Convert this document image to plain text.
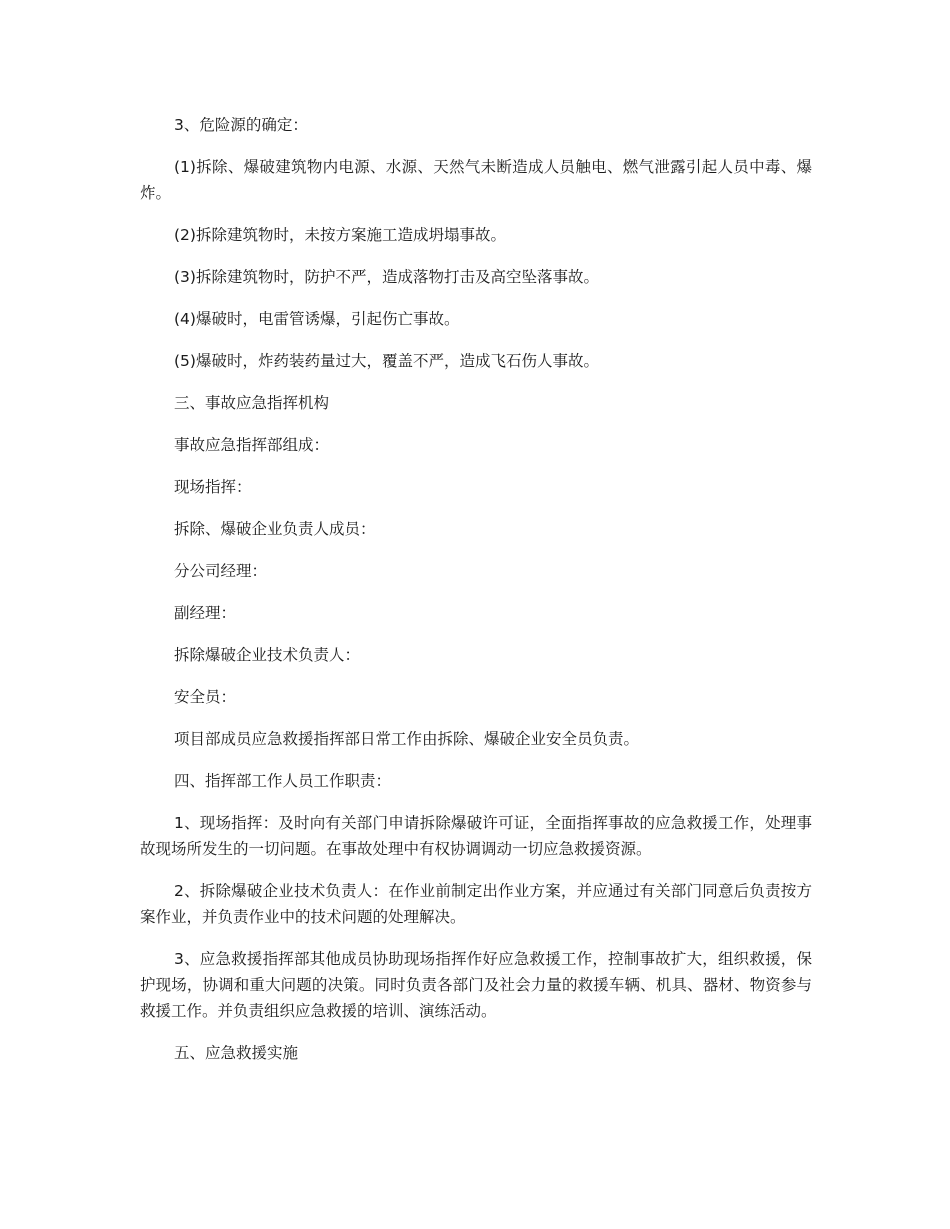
3、危险源的确定：

(1)拆除、爆破建筑物内电源、水源、天然气未断造成人员触电、燃气泄露引起人员中毒、爆炸。

(2)拆除建筑物时，未按方案施工造成坍塌事故。

(3)拆除建筑物时，防护不严，造成落物打击及高空坠落事故。

(4)爆破时，电雷管诱爆，引起伤亡事故。

(5)爆破时，炸药装药量过大，覆盖不严，造成飞石伤人事故。

三、事故应急指挥机构

事故应急指挥部组成：

现场指挥：

拆除、爆破企业负责人成员：

分公司经理：

副经理：

拆除爆破企业技术负责人：

安全员：

项目部成员应急救援指挥部日常工作由拆除、爆破企业安全员负责。

四、指挥部工作人员工作职责：

1、现场指挥：及时向有关部门申请拆除爆破许可证，全面指挥事故的应急救援工作，处理事故现场所发生的一切问题。在事故处理中有权协调调动一切应急救援资源。

2、拆除爆破企业技术负责人：在作业前制定出作业方案，并应通过有关部门同意后负责按方案作业，并负责作业中的技术问题的处理解决。

3、应急救援指挥部其他成员协助现场指挥作好应急救援工作，控制事故扩大，组织救援，保护现场，协调和重大问题的决策。同时负责各部门及社会力量的救援车辆、机具、器材、物资参与救援工作。并负责组织应急救援的培训、演练活动。

五、应急救援实施
